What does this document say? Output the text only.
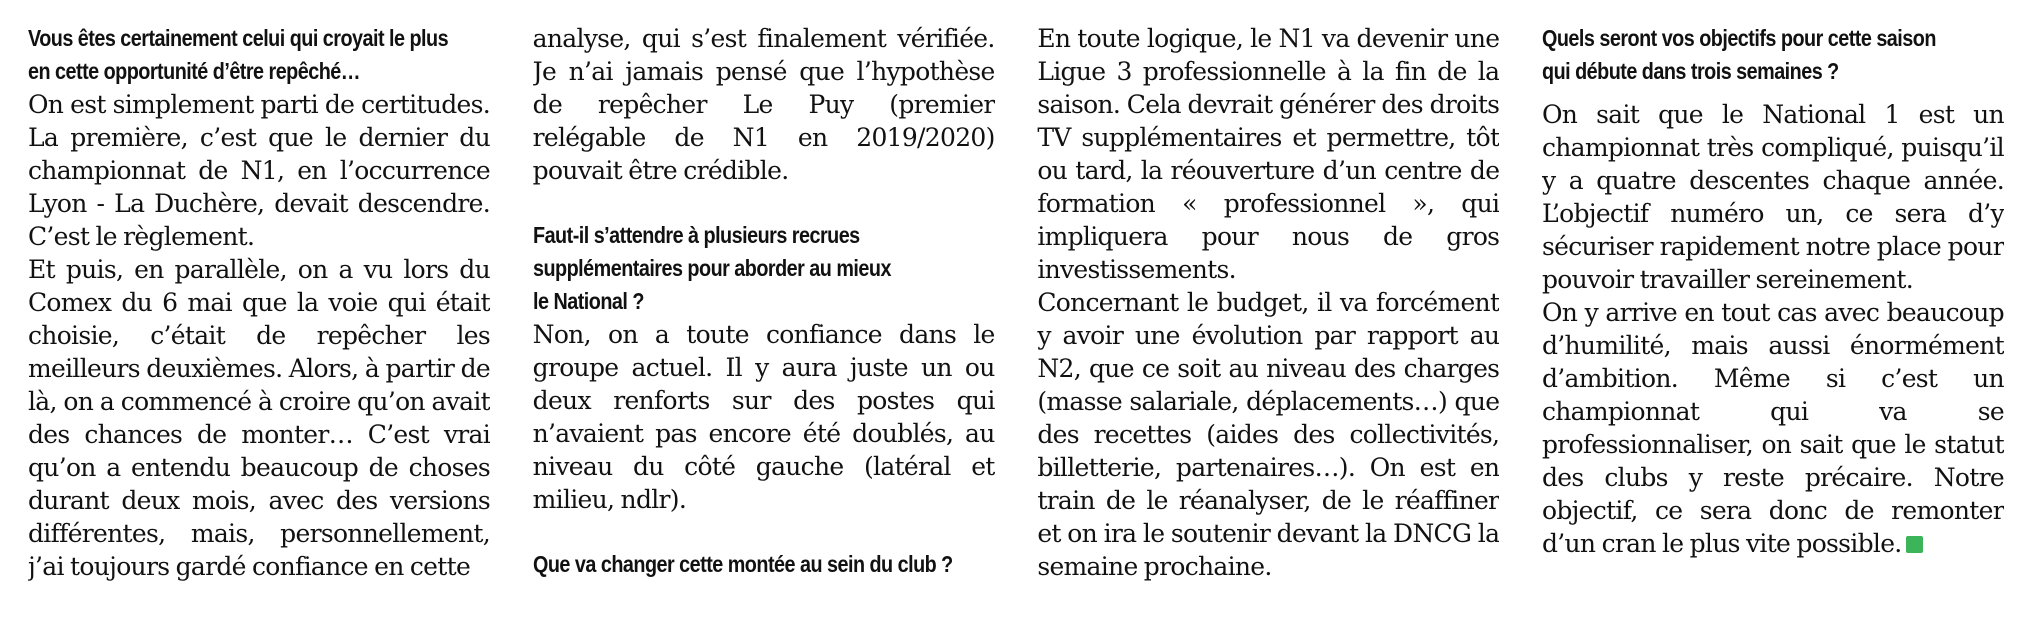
Vous êtes certainement celui qui croyait le plus
en cette opportunité d’être repêché…

On est simplement parti de certitudes. La première, c’est que le dernier du championnat de N1, en l’occurrence Lyon - La Duchère, devait descendre. C’est le règlement.

Et puis, en parallèle, on a vu lors du Comex du 6 mai que la voie qui était choisie, c’était de repêcher les meilleurs deuxièmes. Alors, à partir de là, on a commencé à croire qu’on avait des chances de monter… C’est vrai qu’on a entendu beaucoup de choses durant deux mois, avec des versions différentes, mais, personnellement, j’ai toujours gardé confiance en cette

analyse, qui s’est finalement vérifiée. Je n’ai jamais pensé que l’hypothèse de repêcher Le Puy (premier relégable de N1 en 2019/2020) pouvait être crédible.

Faut-il s’attendre à plusieurs recrues
supplémentaires pour aborder au mieux
le National ?

Non, on a toute confiance dans le groupe actuel. Il y aura juste un ou deux renforts sur des postes qui n’avaient pas encore été doublés, au niveau du côté gauche (latéral et milieu, ndlr).

Que va changer cette montée au sein du club ?

En toute logique, le N1 va devenir une Ligue 3 professionnelle à la fin de la saison. Cela devrait générer des droits TV supplémentaires et permettre, tôt ou tard, la réouverture d’un centre de formation « professionnel », qui impliquera pour nous de gros investissements.

Concernant le budget, il va forcément y avoir une évolution par rapport au N2, que ce soit au niveau des charges (masse salariale, déplacements…) que des recettes (aides des collectivités, billetterie, partenaires…). On est en train de le réanalyser, de le réaffiner et on ira le soutenir devant la DNCG la semaine prochaine.

Quels seront vos objectifs pour cette saison
qui débute dans trois semaines ?

On sait que le National 1 est un championnat très compliqué, puisqu’il y a quatre descentes chaque année. L’objectif numéro un, ce sera d’y sécuriser rapidement notre place pour pouvoir travailler sereinement.

On y arrive en tout cas avec beaucoup d’humilité, mais aussi énormément d’ambition. Même si c’est un championnat qui va se professionnaliser, on sait que le statut des clubs y reste précaire. Notre objectif, ce sera donc de remonter d’un cran le plus vite possible.
